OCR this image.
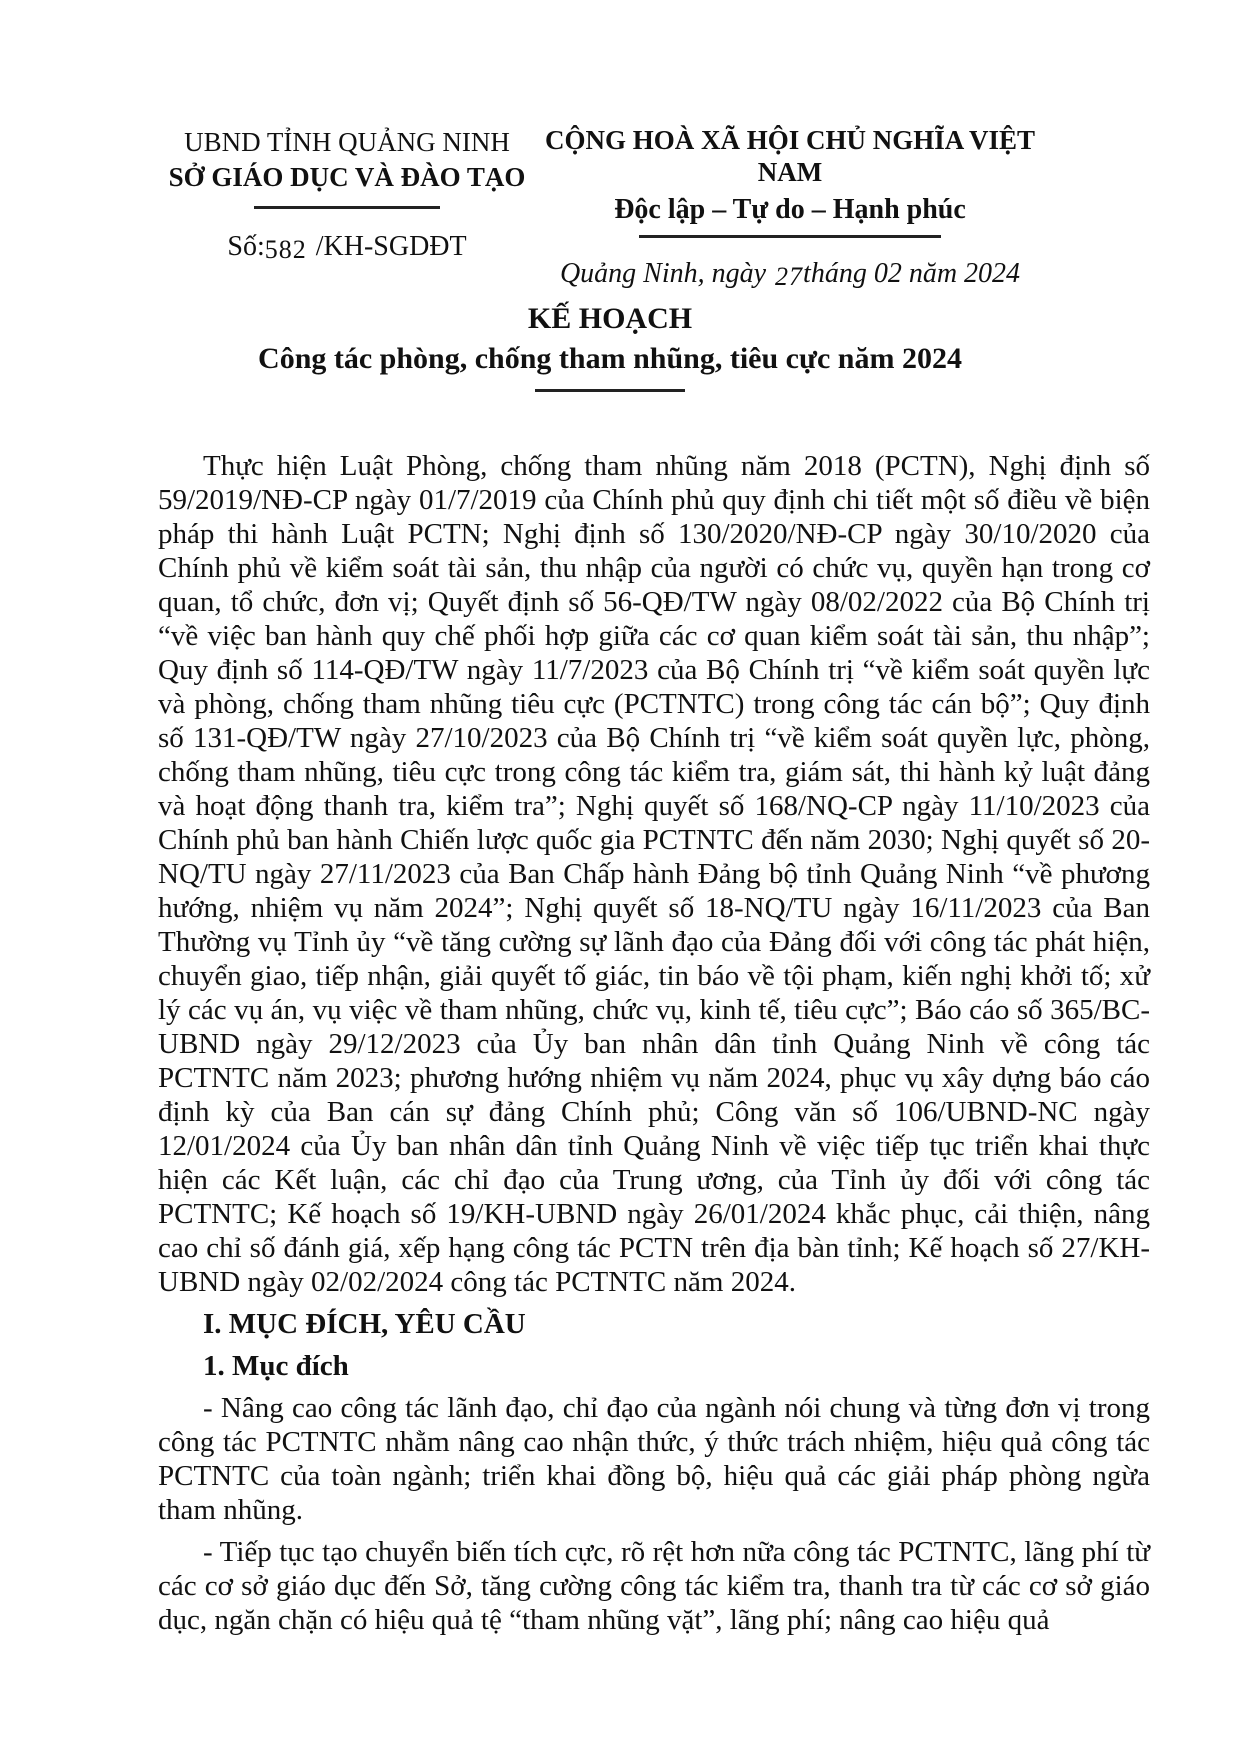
UBND TỈNH QUẢNG NINH
SỞ GIÁO DỤC VÀ ĐÀO TẠO
Số:582 /KH-SGDĐT
CỘNG HOÀ XÃ HỘI CHỦ NGHĨA VIỆT NAM
Độc lập – Tự do – Hạnh phúc
Quảng Ninh, ngày 27tháng 02 năm 2024
KẾ HOẠCH
Công tác phòng, chống tham nhũng, tiêu cực năm 2024

Thực hiện Luật Phòng, chống tham nhũng năm 2018 (PCTN), Nghị định số 59/2019/NĐ-CP ngày 01/7/2019 của Chính phủ quy định chi tiết một số điều về biện pháp thi hành Luật PCTN; Nghị định số 130/2020/NĐ-CP ngày 30/10/2020 của Chính phủ về kiểm soát tài sản, thu nhập của người có chức vụ, quyền hạn trong cơ quan, tổ chức, đơn vị; Quyết định số 56-QĐ/TW ngày 08/02/2022 của Bộ Chính trị “về việc ban hành quy chế phối hợp giữa các cơ quan kiểm soát tài sản, thu nhập”; Quy định số 114-QĐ/TW ngày 11/7/2023 của Bộ Chính trị “về kiểm soát quyền lực và phòng, chống tham nhũng tiêu cực (PCTNTC) trong công tác cán bộ”; Quy định số 131-QĐ/TW ngày 27/10/2023 của Bộ Chính trị “về kiểm soát quyền lực, phòng, chống tham nhũng, tiêu cực trong công tác kiểm tra, giám sát, thi hành kỷ luật đảng và hoạt động thanh tra, kiểm tra”; Nghị quyết số 168/NQ-CP ngày 11/10/2023 của Chính phủ ban hành Chiến lược quốc gia PCTNTC đến năm 2030; Nghị quyết số 20-NQ/TU ngày 27/11/2023 của Ban Chấp hành Đảng bộ tỉnh Quảng Ninh “về phương hướng, nhiệm vụ năm 2024”; Nghị quyết số 18-NQ/TU ngày 16/11/2023 của Ban Thường vụ Tỉnh ủy “về tăng cường sự lãnh đạo của Đảng đối với công tác phát hiện, chuyển giao, tiếp nhận, giải quyết tố giác, tin báo về tội phạm, kiến nghị khởi tố; xử lý các vụ án, vụ việc về tham nhũng, chức vụ, kinh tế, tiêu cực”; Báo cáo số 365/BC-UBND ngày 29/12/2023 của Ủy ban nhân dân tỉnh Quảng Ninh về công tác PCTNTC năm 2023; phương hướng nhiệm vụ năm 2024, phục vụ xây dựng báo cáo định kỳ của Ban cán sự đảng Chính phủ; Công văn số 106/UBND-NC ngày 12/01/2024 của Ủy ban nhân dân tỉnh Quảng Ninh về việc tiếp tục triển khai thực hiện các Kết luận, các chỉ đạo của Trung ương, của Tỉnh ủy đối với công tác PCTNTC; Kế hoạch số 19/KH-UBND ngày 26/01/2024 khắc phục, cải thiện, nâng cao chỉ số đánh giá, xếp hạng công tác PCTN trên địa bàn tỉnh; Kế hoạch số 27/KH-UBND ngày 02/02/2024 công tác PCTNTC năm 2024.

I. MỤC ĐÍCH, YÊU CẦU

1. Mục đích

- Nâng cao công tác lãnh đạo, chỉ đạo của ngành nói chung và từng đơn vị trong công tác PCTNTC nhằm nâng cao nhận thức, ý thức trách nhiệm, hiệu quả công tác PCTNTC của toàn ngành; triển khai đồng bộ, hiệu quả các giải pháp phòng ngừa tham nhũng.

- Tiếp tục tạo chuyển biến tích cực, rõ rệt hơn nữa công tác PCTNTC, lãng phí từ các cơ sở giáo dục đến Sở, tăng cường công tác kiểm tra, thanh tra từ các cơ sở giáo dục, ngăn chặn có hiệu quả tệ “tham nhũng vặt”, lãng phí; nâng cao hiệu quả
